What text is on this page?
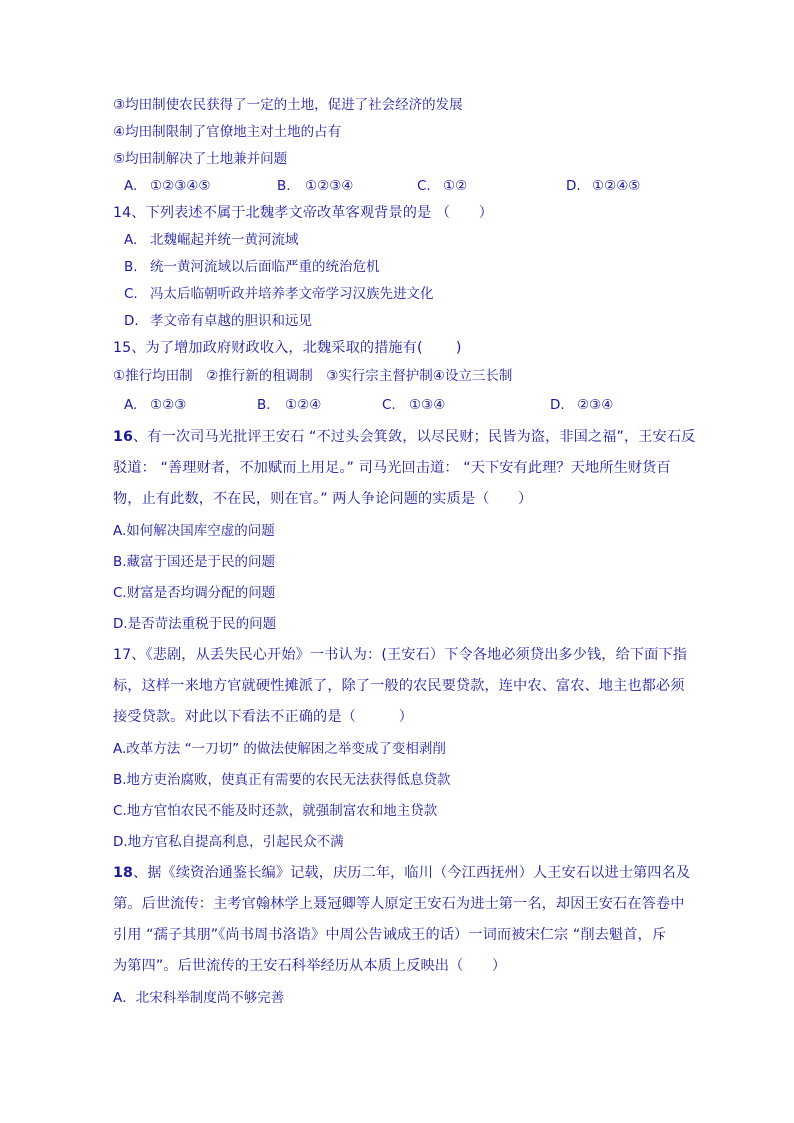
③均田制使农民获得了一定的土地，促进了社会经济的发展
④均田制限制了官僚地主对土地的占有
⑤均田制解决了土地兼并问题
A. ①②③④⑤	B. ①②③④	C. ①②	D. ①②④⑤
14、下列表述不属于北魏孝文帝改革客观背景的是 （　　）
A. 北魏崛起并统一黄河流域
B. 统一黄河流域以后面临严重的统治危机
C. 冯太后临朝听政并培养孝文帝学习汉族先进文化
D. 孝文帝有卓越的胆识和远见
15、为了增加政府财政收入，北魏采取的措施有(　　 )
①推行均田制　②推行新的租调制　③实行宗主督护制④设立三长制
A. ①②③	B. ①②④	C. ①③④	D. ②③④
16、有一次司马光批评王安石 “不过头会箕敛，以尽民财；民皆为盗，非国之福”，王安石反
驳道： “善理财者，不加赋而上用足。” 司马光回击道： “天下安有此理？天地所生财货百
物，止有此数，不在民，则在官。” 两人争论问题的实质是（　　）
A.如何解决国库空虚的问题
B.藏富于国还是于民的问题
C.财富是否均调分配的问题
D.是否苛法重税于民的问题
17、《悲剧，从丢失民心开始》一书认为：(王安石）下令各地必须贷出多少钱，给下面下指
标，这样一来地方官就硬性摊派了，除了一般的农民要贷款，连中农、富农、地主也都必须
接受贷款。对此以下看法不正确的是（　　　）
A.改革方法 “一刀切” 的做法使解困之举变成了变相剥削
B.地方吏治腐败，使真正有需要的农民无法获得低息贷款
C.地方官怕农民不能及时还款，就强制富农和地主贷款
D.地方官私自提高利息，引起民众不满
18、据《续资治通鉴长编》记载，庆历二年，临川（今江西抚州）人王安石以进士第四名及
第。后世流传：主考官翰林学上聂冠卿等人原定王安石为进士第一名，却因王安石在答卷中
引用 “孺子其朋”《尚书周书洛诰》中周公告诫成王的话）一词而被宋仁宗 “削去魁首，斥
为第四”。后世流传的王安石科举经历从本质上反映出（　　）
A．北宋科举制度尚不够完善
